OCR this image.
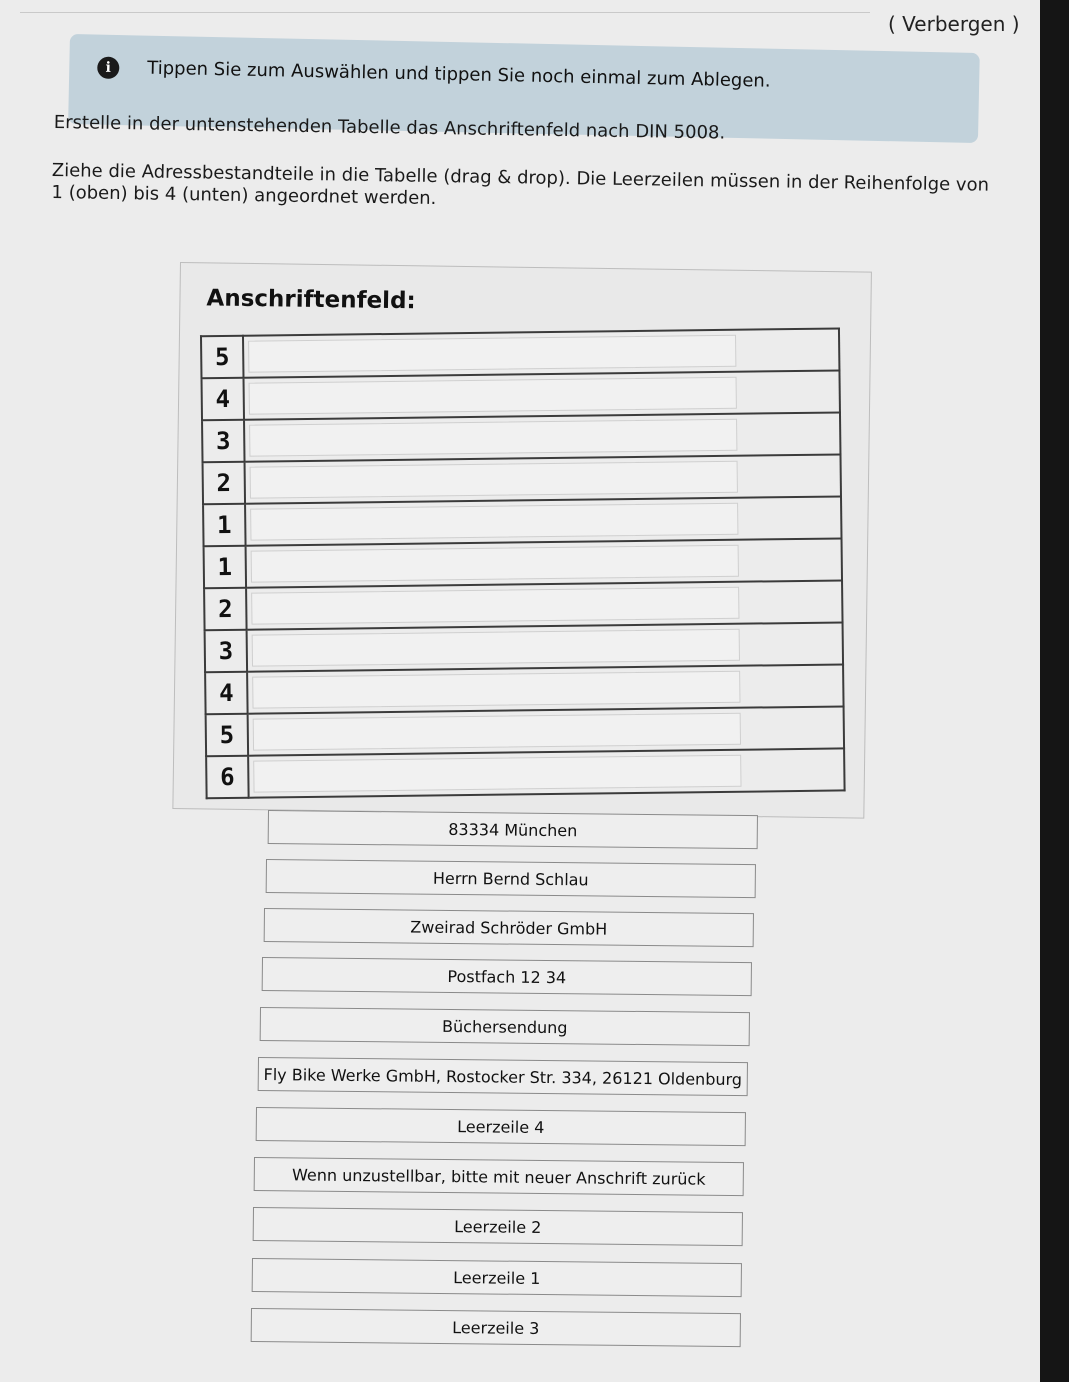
( Verbergen )
i	Tippen Sie zum Auswählen und tippen Sie noch einmal zum Ablegen.
Erstelle in der untenstehenden Tabelle das Anschriftenfeld nach DIN 5008.
Ziehe die Adressbestandteile in die Tabelle (drag & drop). Die Leerzeilen müssen in der Reihenfolge von 1 (oben) bis 4 (unten) angeordnet werden.
Anschriftenfeld:
5	

4	

3	

2	

1	

1	

2	

3	

4	

5	

6	
83334 München
Herrn Bernd Schlau
Zweirad Schröder GmbH
Postfach 12 34
Büchersendung
Fly Bike Werke GmbH, Rostocker Str. 334, 26121 Oldenburg
Leerzeile 4
Wenn unzustellbar, bitte mit neuer Anschrift zurück
Leerzeile 2
Leerzeile 1
Leerzeile 3
